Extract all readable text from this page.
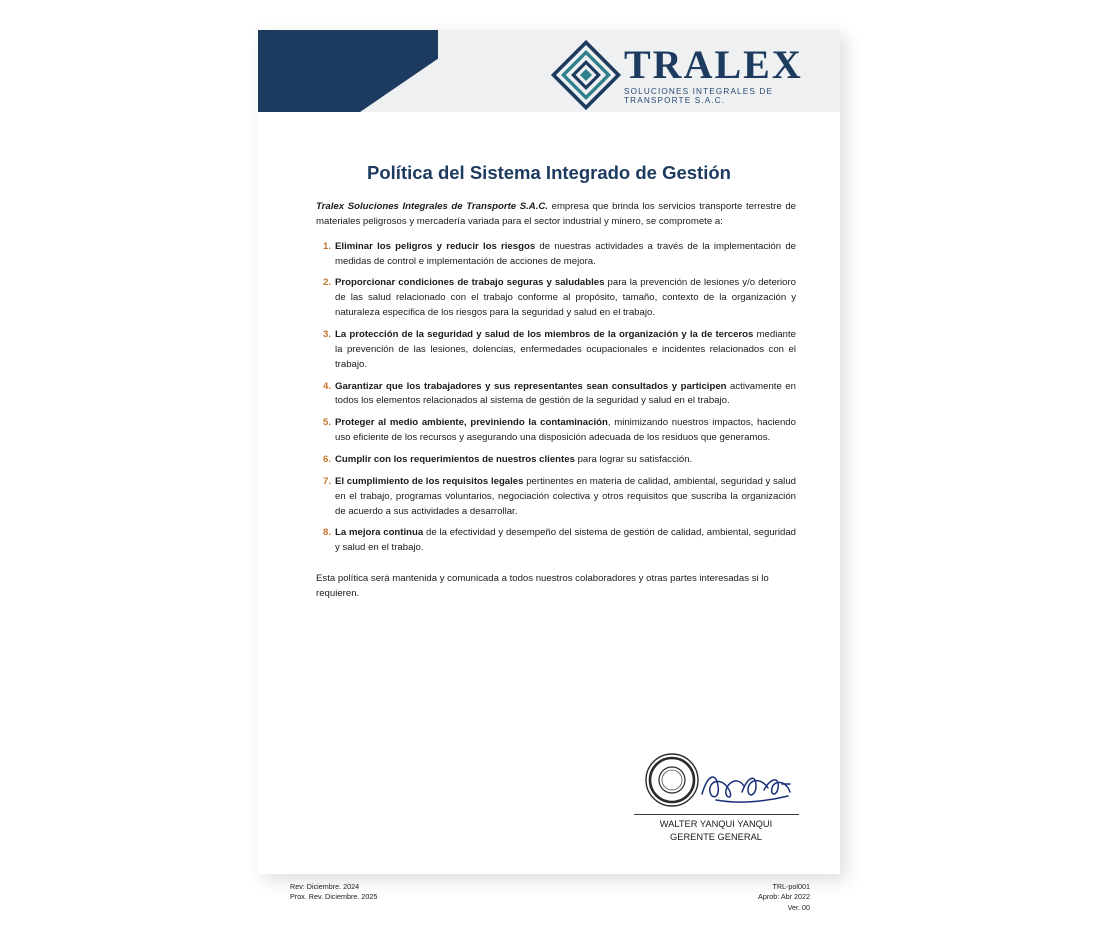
TRALEX
SOLUCIONES INTEGRALES DE TRANSPORTE S.A.C.
Política del Sistema Integrado de Gestión

Tralex Soluciones Integrales de Transporte S.A.C. empresa que brinda los servicios transporte terrestre de materiales peligrosos y mercadería variada para el sector industrial y minero, se compromete a:

Eliminar los peligros y reducir los riesgos de nuestras actividades a través de la implementación de medidas de control e implementación de acciones de mejora.
Proporcionar condiciones de trabajo seguras y saludables para la prevención de lesiones y/o deterioro de las salud relacionado con el trabajo conforme al propósito, tamaño, contexto de la organización y naturaleza especifica de los riesgos para la seguridad y salud en el trabajo.
La protección de la seguridad y salud de los miembros de la organización y la de terceros mediante la prevención de las lesiones, dolencias, enfermedades ocupacionales e incidentes relacionados con el trabajo.
Garantizar que los trabajadores y sus representantes sean consultados y participen activamente en todos los elementos relacionados al sistema de gestión de la seguridad y salud en el trabajo.
Proteger al medio ambiente, previniendo la contaminación, minimizando nuestros impactos, haciendo uso eficiente de los recursos y asegurando una disposición adecuada de los residuos que generamos.
Cumplir con los requerimientos de nuestros clientes para lograr su satisfacción.
El cumplimiento de los requisitos legales pertinentes en materia de calidad, ambiental, seguridad y salud en el trabajo, programas voluntarios, negociación colectiva y otros requisitos que suscriba la organización de acuerdo a sus actividades a desarrollar.
La mejora continua de la efectividad y desempeño del sistema de gestión de calidad, ambiental, seguridad y salud en el trabajo.

Esta política será mantenida y comunicada a todos nuestros colaboradores y otras partes interesadas si lo requieren.

WALTER YANQUI YANQUI
GERENTE GENERAL
Rev: Diciembre. 2024
Prox. Rev. Diciembre. 2025
TRL-pol001
Aprob: Abr 2022
Ver. 00
